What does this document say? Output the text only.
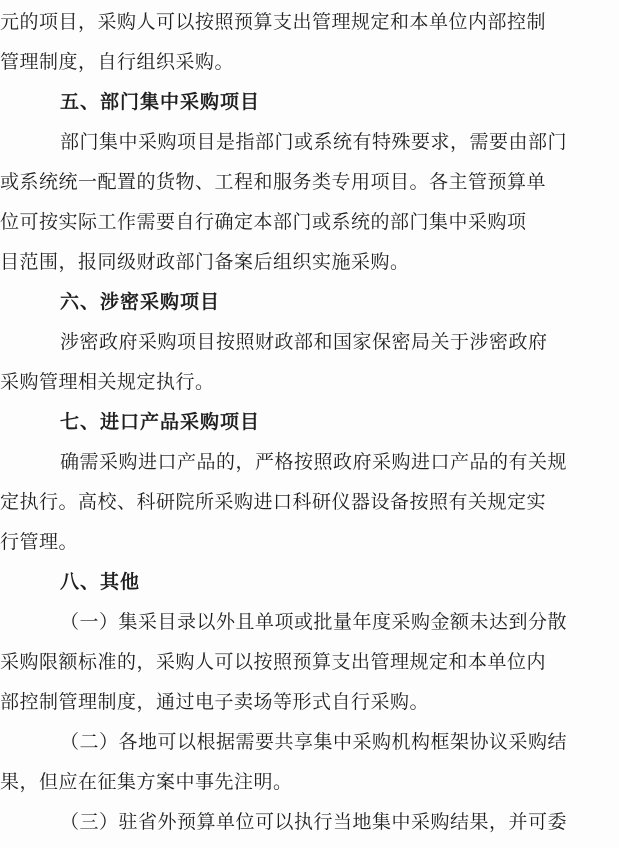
元的项目，采购人可以按照预算支出管理规定和本单位内部控制
管理制度，自行组织采购。
五、部门集中采购项目
部门集中采购项目是指部门或系统有特殊要求，需要由部门
或系统统一配置的货物、工程和服务类专用项目。各主管预算单
位可按实际工作需要自行确定本部门或系统的部门集中采购项
目范围，报同级财政部门备案后组织实施采购。
六、涉密采购项目
涉密政府采购项目按照财政部和国家保密局关于涉密政府
采购管理相关规定执行。
七、进口产品采购项目
确需采购进口产品的，严格按照政府采购进口产品的有关规
定执行。高校、科研院所采购进口科研仪器设备按照有关规定实
行管理。
八、其他
（一）集采目录以外且单项或批量年度采购金额未达到分散
采购限额标准的，采购人可以按照预算支出管理规定和本单位内
部控制管理制度，通过电子卖场等形式自行采购。
（二）各地可以根据需要共享集中采购机构框架协议采购结
果，但应在征集方案中事先注明。
（三）驻省外预算单位可以执行当地集中采购结果，并可委
